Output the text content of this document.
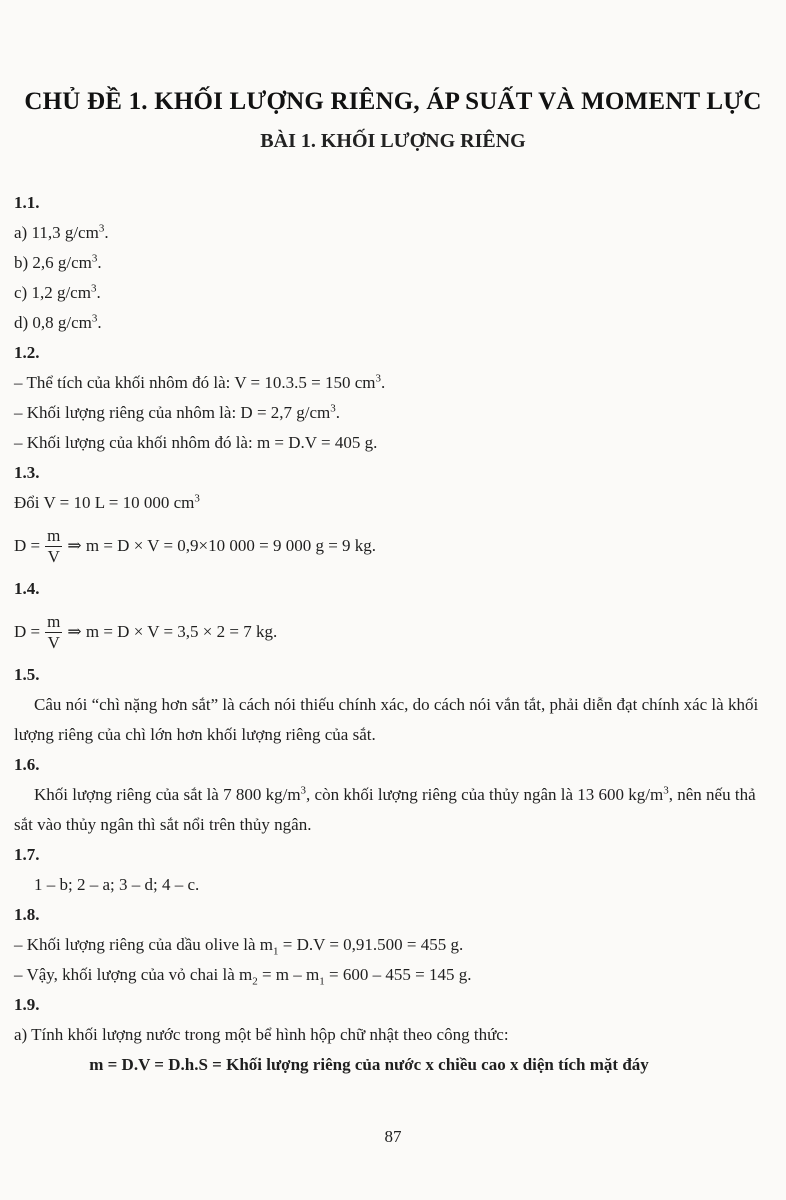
CHỦ ĐỀ 1. KHỐI LƯỢNG RIÊNG, ÁP SUẤT VÀ MOMENT LỰC
BÀI 1. KHỐI LƯỢNG RIÊNG
1.1.
a) 11,3 $g/cm^3$.
b) 2,6 $g/cm^3$.
c) 1,2 $g/cm^3$.
d) 0,8 $g/cm^3$.
1.2.
– Thể tích của khối nhôm đó là: V = 10.3.5 = 150 $cm^3$.
– Khối lượng riêng của nhôm là: D = 2,7 $g/cm^3$.
– Khối lượng của khối nhôm đó là: m = D.V = 405 g.
1.3.
Đổi V = 10 L = 10 000 $cm^3$
$D = \frac{m}{V}$ ⇒ m = D × V = 0,9×10 000 = 9 000 g = 9 kg.
1.4.
$D = \frac{m}{V}$ ⇒ m = D × V = 3,5 × 2 = 7 kg.
1.5.
Câu nói “chì nặng hơn sắt” là cách nói thiếu chính xác, do cách nói vắn tắt, phải diễn đạt chính xác là khối lượng riêng của chì lớn hơn khối lượng riêng của sắt.
1.6.
Khối lượng riêng của sắt là 7 800 $kg/m^3$, còn khối lượng riêng của thủy ngân là 13 600 $kg/m^3$, nên nếu thả sắt vào thủy ngân thì sắt nổi trên thủy ngân.
1.7.
1 – b; 2 – a; 3 – d; 4 – c.
1.8.
– Khối lượng riêng của dầu olive là $m_1 = D.V = 0,91.500 = 455$ g.
– Vậy, khối lượng của vỏ chai là $m_2 = m - m_1 = 600 - 455 = 145$ g.
1.9.
a) Tính khối lượng nước trong một bể hình hộp chữ nhật theo công thức:
m = D.V = D.h.S = Khối lượng riêng của nước x chiều cao x diện tích mặt đáy
87
